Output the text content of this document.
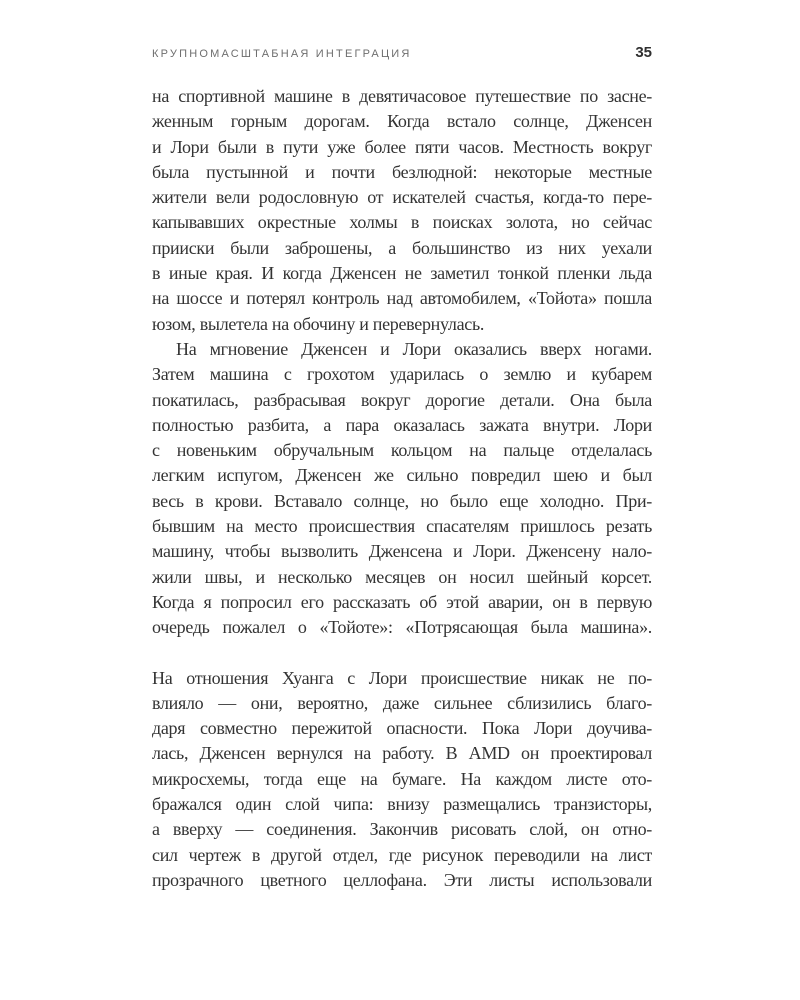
КРУПНОМАСШТАБНАЯ ИНТЕГРАЦИЯ	35
на спортивной машине в девятичасовое путешествие по засне-
женным горным дорогам. Когда встало солнце, Дженсен
и Лори были в пути уже более пяти часов. Местность вокруг
была пустынной и почти безлюдной: некоторые местные
жители вели родословную от искателей счастья, когда-то пере-
капывавших окрестные холмы в поисках золота, но сейчас
прииски были заброшены, а большинство из них уехали
в иные края. И когда Дженсен не заметил тонкой пленки льда
на шоссе и потерял контроль над автомобилем, «Тойота» пошла
юзом, вылетела на обочину и перевернулась.
На мгновение Дженсен и Лори оказались вверх ногами.
Затем машина с грохотом ударилась о землю и кубарем
покатилась, разбрасывая вокруг дорогие детали. Она была
полностью разбита, а пара оказалась зажата внутри. Лори
с новеньким обручальным кольцом на пальце отделалась
легким испугом, Дженсен же сильно повредил шею и был
весь в крови. Вставало солнце, но было еще холодно. При-
бывшим на место происшествия спасателям пришлось резать
машину, чтобы вызволить Дженсена и Лори. Дженсену нало-
жили швы, и несколько месяцев он носил шейный корсет.
Когда я попросил его рассказать об этой аварии, он в первую
очередь пожалел о «Тойоте»: «Потрясающая была машина».
На отношения Хуанга с Лори происшествие никак не по-
влияло — они, вероятно, даже сильнее сблизились благо-
даря совместно пережитой опасности. Пока Лори доучива-
лась, Дженсен вернулся на работу. В AMD он проектировал
микросхемы, тогда еще на бумаге. На каждом листе ото-
бражался один слой чипа: внизу размещались транзисторы,
а вверху — соединения. Закончив рисовать слой, он отно-
сил чертеж в другой отдел, где рисунок переводили на лист
прозрачного цветного целлофана. Эти листы использовали
